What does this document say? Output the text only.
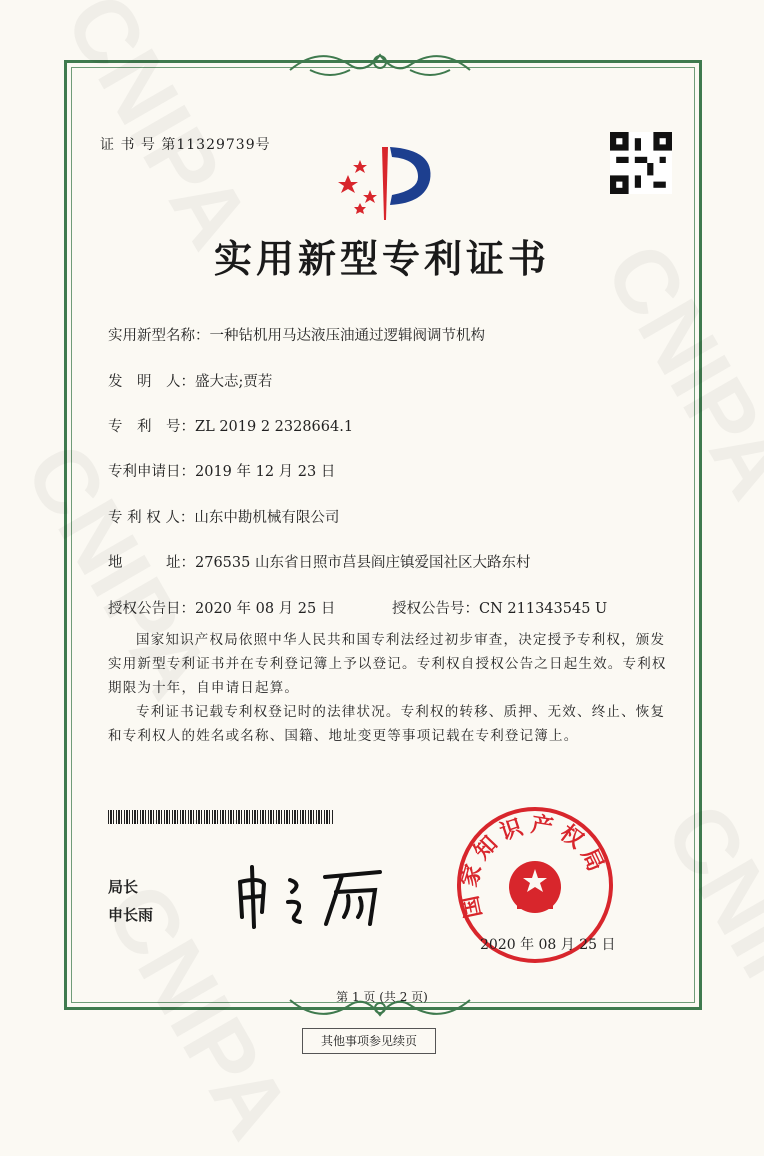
证 书 号 第11329739号
实用新型专利证书
实用新型名称：一种钻机用马达液压油通过逻辑阀调节机构
发　明　人：盛大志;贾若
专　利　号：ZL 2019 2 2328664.1
专利申请日：2019 年 12 月 23 日
专 利 权 人：山东中勘机械有限公司
地　　　址：276535 山东省日照市莒县阎庄镇爱国社区大路东村
授权公告日：2020 年 08 月 25 日	授权公告号：CN 211343545 U
国家知识产权局依照中华人民共和国专利法经过初步审查，决定授予专利权，颁发实用新型专利证书并在专利登记簿上予以登记。专利权自授权公告之日起生效。专利权期限为十年，自申请日起算。
专利证书记载专利权登记时的法律状况。专利权的转移、质押、无效、终止、恢复和专利权人的姓名或名称、国籍、地址变更等事项记载在专利登记簿上。
局长
申长雨	国家知识产权局
2020 年 08 月 25 日
第 1 页 (共 2 页)
其他事项参见续页
